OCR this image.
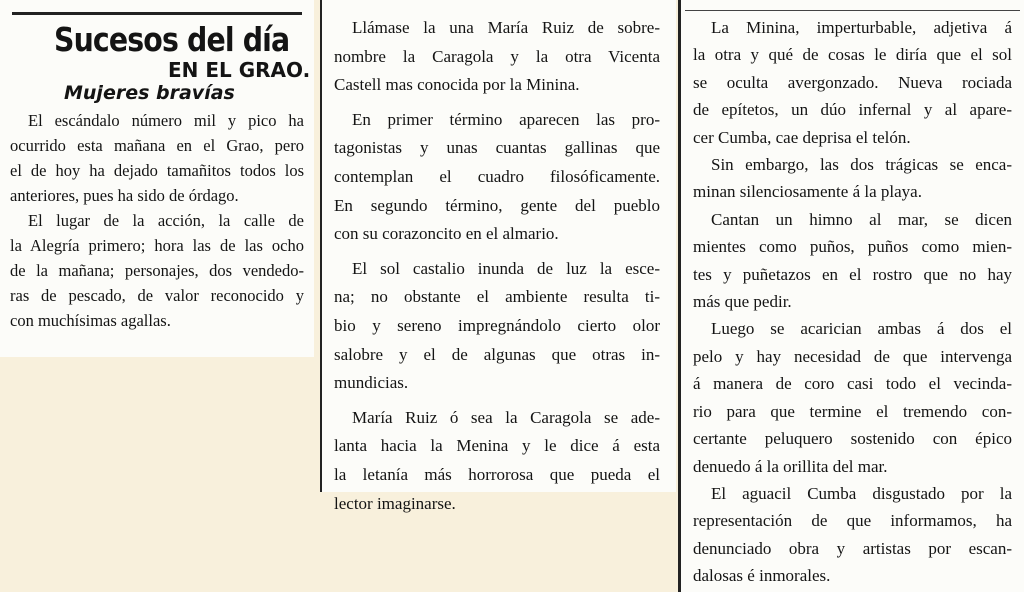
Sucesos del día
EN EL GRAO.
Mujeres bravías
El escándalo número mil y pico ha
ocurrido esta mañana en el Grao, pero
el de hoy ha dejado tamañitos todos los
anteriores, pues ha sido de órdago.
El lugar de la acción, la calle de
la Alegría primero; hora las de las ocho
de la mañana; personajes, dos vendedo-
ras de pescado, de valor reconocido y
con muchísimas agallas.
Llámase la una María Ruiz de sobre-
nombre la Caragola y la otra Vicenta
Castell mas conocida por la Minina.
En primer término aparecen las pro-
tagonistas y unas cuantas gallinas que
contemplan el cuadro filosóficamente.
En segundo término, gente del pueblo
con su corazoncito en el almario.
El sol castalio inunda de luz la esce-
na; no obstante el ambiente resulta ti-
bio y sereno impregnándolo cierto olor
salobre y el de algunas que otras in-
mundicias.
María Ruiz ó sea la Caragola se ade-
lanta hacia la Menina y le dice á esta
la letanía más horrorosa que pueda el
lector imaginarse.
La Minina, imperturbable, adjetiva á
la otra y qué de cosas le diría que el sol
se oculta avergonzado. Nueva rociada
de epítetos, un dúo infernal y al apare-
cer Cumba, cae deprisa el telón.
Sin embargo, las dos trágicas se enca-
minan silenciosamente á la playa.
Cantan un himno al mar, se dicen
mientes como puños, puños como mien-
tes y puñetazos en el rostro que no hay
más que pedir.
Luego se acarician ambas á dos el
pelo y hay necesidad de que intervenga
á manera de coro casi todo el vecinda-
rio para que termine el tremendo con-
certante peluquero sostenido con épico
denuedo á la orillita del mar.
El aguacil Cumba disgustado por la
representación de que informamos, ha
denunciado obra y artistas por escan-
dalosas é inmorales.
